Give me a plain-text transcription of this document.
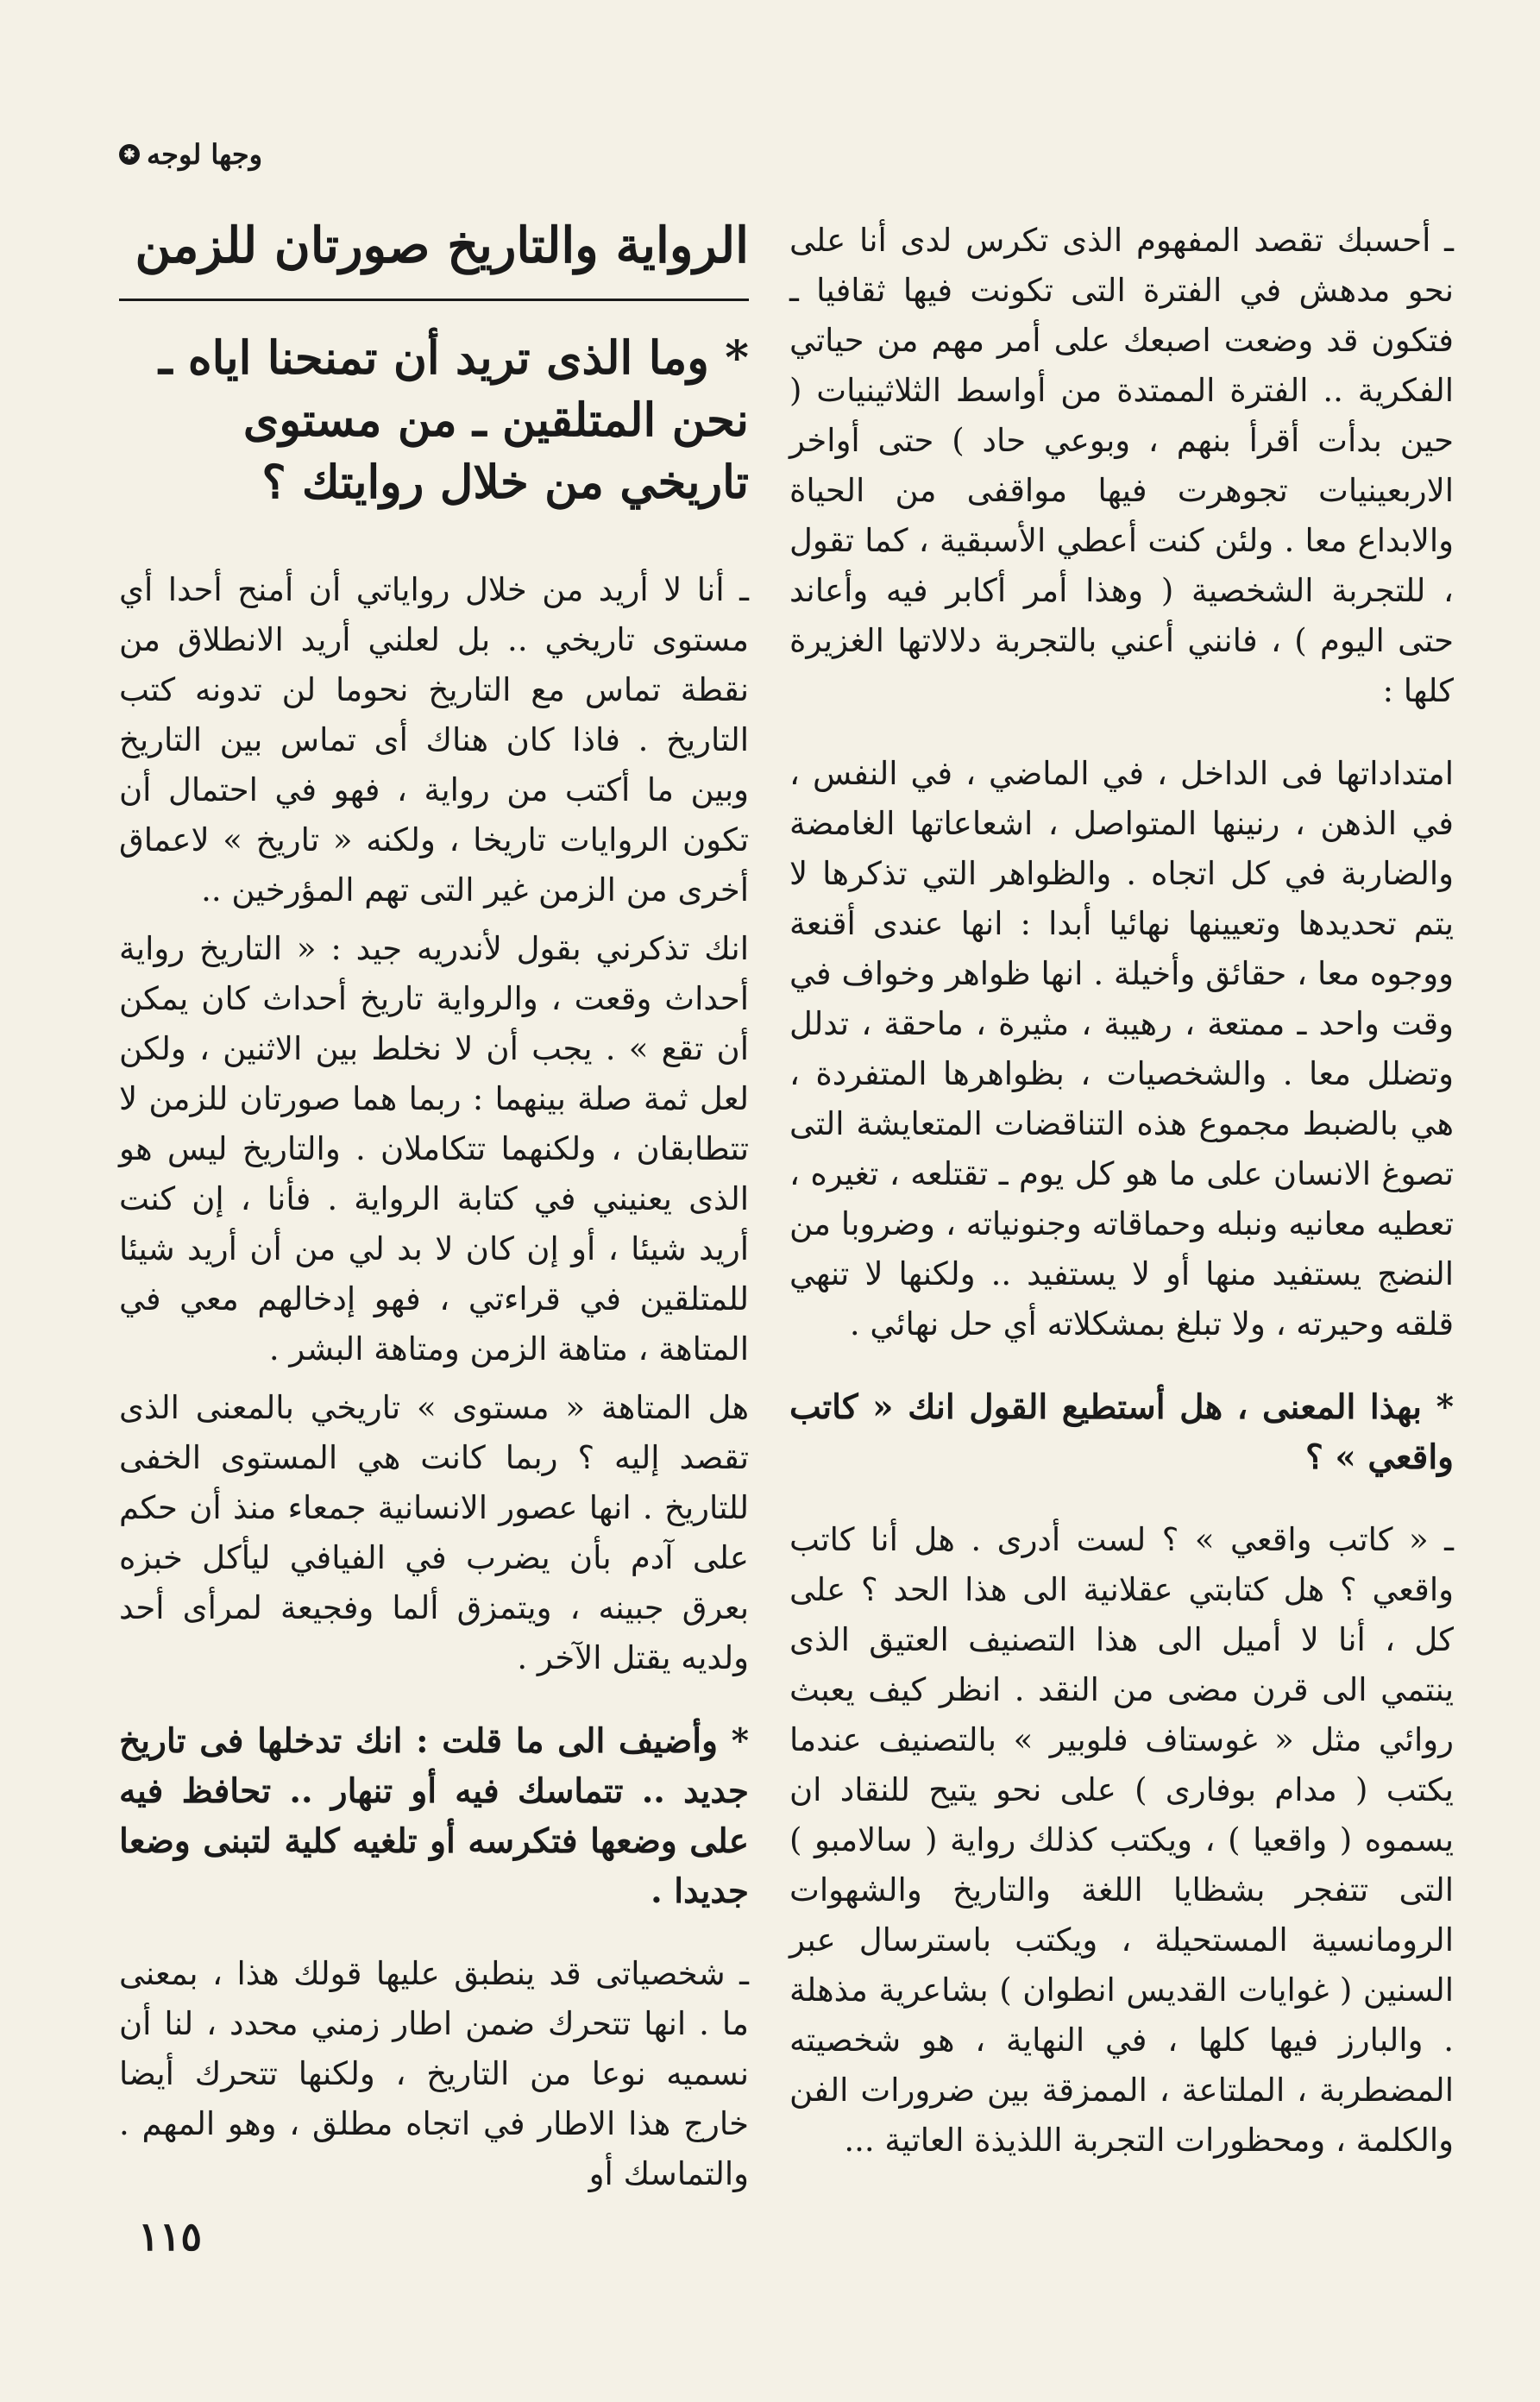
وجها لوجه
✱

ـ أحسبك تقصد المفهوم الذى تكرس لدى أنا على نحو مدهش في الفترة التى تكونت فيها ثقافيا ـ فتكون قد وضعت اصبعك على أمر مهم من حياتي الفكرية .. الفترة الممتدة من أواسط الثلاثينيات ( حين بدأت أقرأ بنهم ، وبوعي حاد ) حتى أواخر الاربعينيات تجوهرت فيها مواقفى من الحياة والابداع معا . ولئن كنت أعطي الأسبقية ، كما تقول ، للتجربة الشخصية ( وهذا أمر أكابر فيه وأعاند حتى اليوم ) ، فانني أعني بالتجربة دلالاتها الغزيرة كلها :

امتداداتها فى الداخل ، في الماضي ، في النفس ، في الذهن ، رنينها المتواصل ، اشعاعاتها الغامضة والضاربة في كل اتجاه . والظواهر التي تذكرها لا يتم تحديدها وتعيينها نهائيا أبدا : انها عندى أقنعة ووجوه معا ، حقائق وأخيلة . انها ظواهر وخواف في وقت واحد ـ ممتعة ، رهيبة ، مثيرة ، ماحقة ، تدلل وتضلل معا . والشخصيات ، بظواهرها المتفردة ، هي بالضبط مجموع هذه التناقضات المتعايشة التى تصوغ الانسان على ما هو كل يوم ـ تقتلعه ، تغيره ، تعطيه معانيه ونبله وحماقاته وجنونياته ، وضروبا من النضج يستفيد منها أو لا يستفيد .. ولكنها لا تنهي قلقه وحيرته ، ولا تبلغ بمشكلاته أي حل نهائي .

* بهذا المعنى ، هل أستطيع القول انك « كاتب واقعي » ؟

ـ « كاتب واقعي » ؟ لست أدرى . هل أنا كاتب واقعي ؟ هل كتابتي عقلانية الى هذا الحد ؟ على كل ، أنا لا أميل الى هذا التصنيف العتيق الذى ينتمي الى قرن مضى من النقد . انظر كيف يعبث روائي مثل « غوستاف فلوبير » بالتصنيف عندما يكتب ( مدام بوفارى ) على نحو يتيح للنقاد ان يسموه ( واقعيا ) ، ويكتب كذلك رواية ( سالامبو ) التى تتفجر بشظايا اللغة والتاريخ والشهوات الرومانسية المستحيلة ، ويكتب باسترسال عبر السنين ( غوايات القديس انطوان ) بشاعرية مذهلة . والبارز فيها كلها ، في النهاية ، هو شخصيته المضطربة ، الملتاعة ، الممزقة بين ضرورات الفن والكلمة ، ومحظورات التجربة اللذيذة العاتية ...

الرواية والتاريخ صورتان للزمن
* وما الذى تريد أن تمنحنا اياه ـ نحن المتلقين ـ من مستوى تاريخي من خلال روايتك ؟

ـ أنا لا أريد من خلال رواياتي أن أمنح أحدا أي مستوى تاريخي .. بل لعلني أريد الانطلاق من نقطة تماس مع التاريخ نحوما لن تدونه كتب التاريخ . فاذا كان هناك أى تماس بين التاريخ وبين ما أكتب من رواية ، فهو في احتمال أن تكون الروايات تاريخا ، ولكنه « تاريخ » لاعماق أخرى من الزمن غير التى تهم المؤرخين ..

انك تذكرني بقول لأندريه جيد : « التاريخ رواية أحداث وقعت ، والرواية تاريخ أحداث كان يمكن أن تقع » . يجب أن لا نخلط بين الاثنين ، ولكن لعل ثمة صلة بينهما : ربما هما صورتان للزمن لا تتطابقان ، ولكنهما تتكاملان . والتاريخ ليس هو الذى يعنيني في كتابة الرواية . فأنا ، إن كنت أريد شيئا ، أو إن كان لا بد لي من أن أريد شيئا للمتلقين في قراءتي ، فهو إدخالهم معي في المتاهة ، متاهة الزمن ومتاهة البشر .

هل المتاهة « مستوى » تاريخي بالمعنى الذى تقصد إليه ؟ ربما كانت هي المستوى الخفى للتاريخ . انها عصور الانسانية جمعاء منذ أن حكم على آدم بأن يضرب في الفيافي ليأكل خبزه بعرق جبينه ، ويتمزق ألما وفجيعة لمرأى أحد ولديه يقتل الآخر .

* وأضيف الى ما قلت : انك تدخلها فى تاريخ جديد .. تتماسك فيه أو تنهار .. تحافظ فيه على وضعها فتكرسه أو تلغيه كلية لتبنى وضعا جديدا .

ـ شخصياتى قد ينطبق عليها قولك هذا ، بمعنى ما . انها تتحرك ضمن اطار زمني محدد ، لنا أن نسميه نوعا من التاريخ ، ولكنها تتحرك أيضا خارج هذا الاطار في اتجاه مطلق ، وهو المهم . والتماسك أو

١١٥
